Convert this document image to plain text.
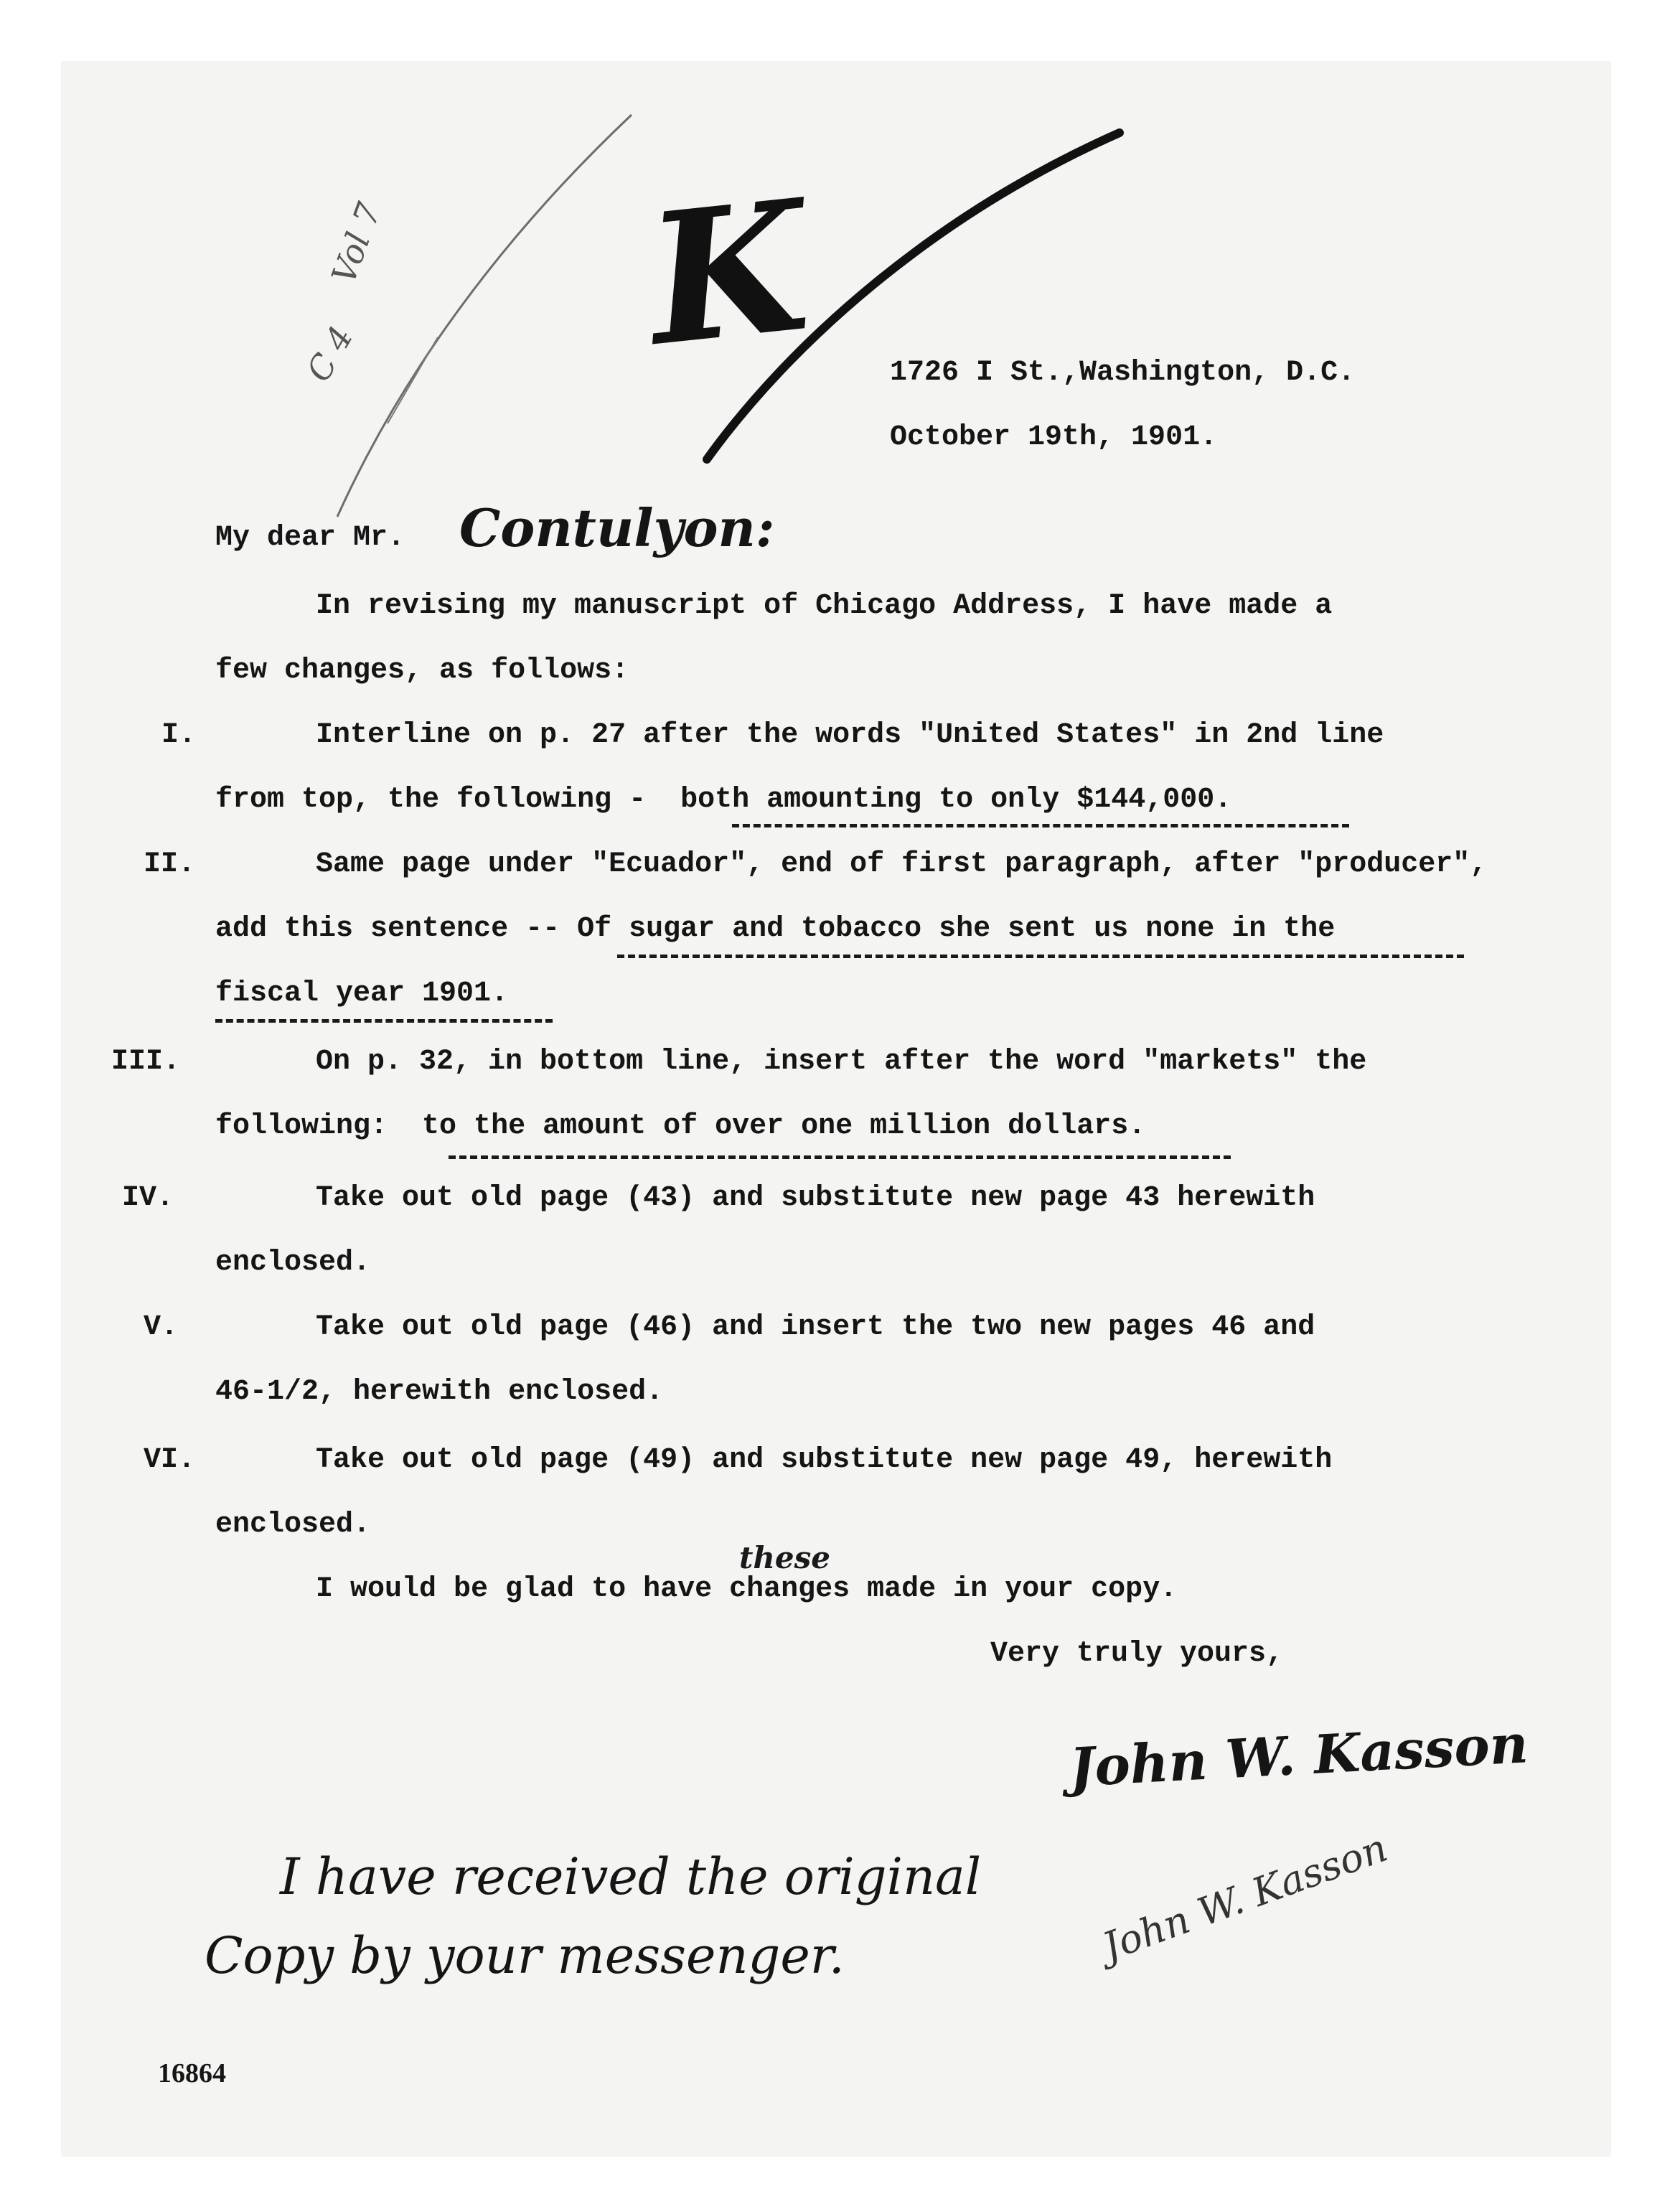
Vol 7
C 4 K	1726 I St.,Washington, D.C.
October 19th, 1901.
My dear Mr. Contulyon:
In revising my manuscript of Chicago Address, I have made a
few changes, as follows:
I.	Interline on p. 27 after the words "United States" in 2nd line
from top, the following -  both amounting to only $144,000.
II.	Same page under "Ecuador", end of first paragraph, after "producer",
add this sentence -- Of sugar and tobacco she sent us none in the
fiscal year 1901.
III.	On p. 32, in bottom line, insert after the word "markets" the
following:  to the amount of over one million dollars.
IV.	Take out old page (43) and substitute new page 43 herewith
enclosed.
V.	Take out old page (46) and insert the two new pages 46 and
46-1/2, herewith enclosed.
VI.	Take out old page (49) and substitute new page 49, herewith
enclosed.
these
I would be glad to have changes made in your copy.
Very truly yours,
John W. Kasson
I have received the original
Copy by your messenger.	John W. Kasson
16864
